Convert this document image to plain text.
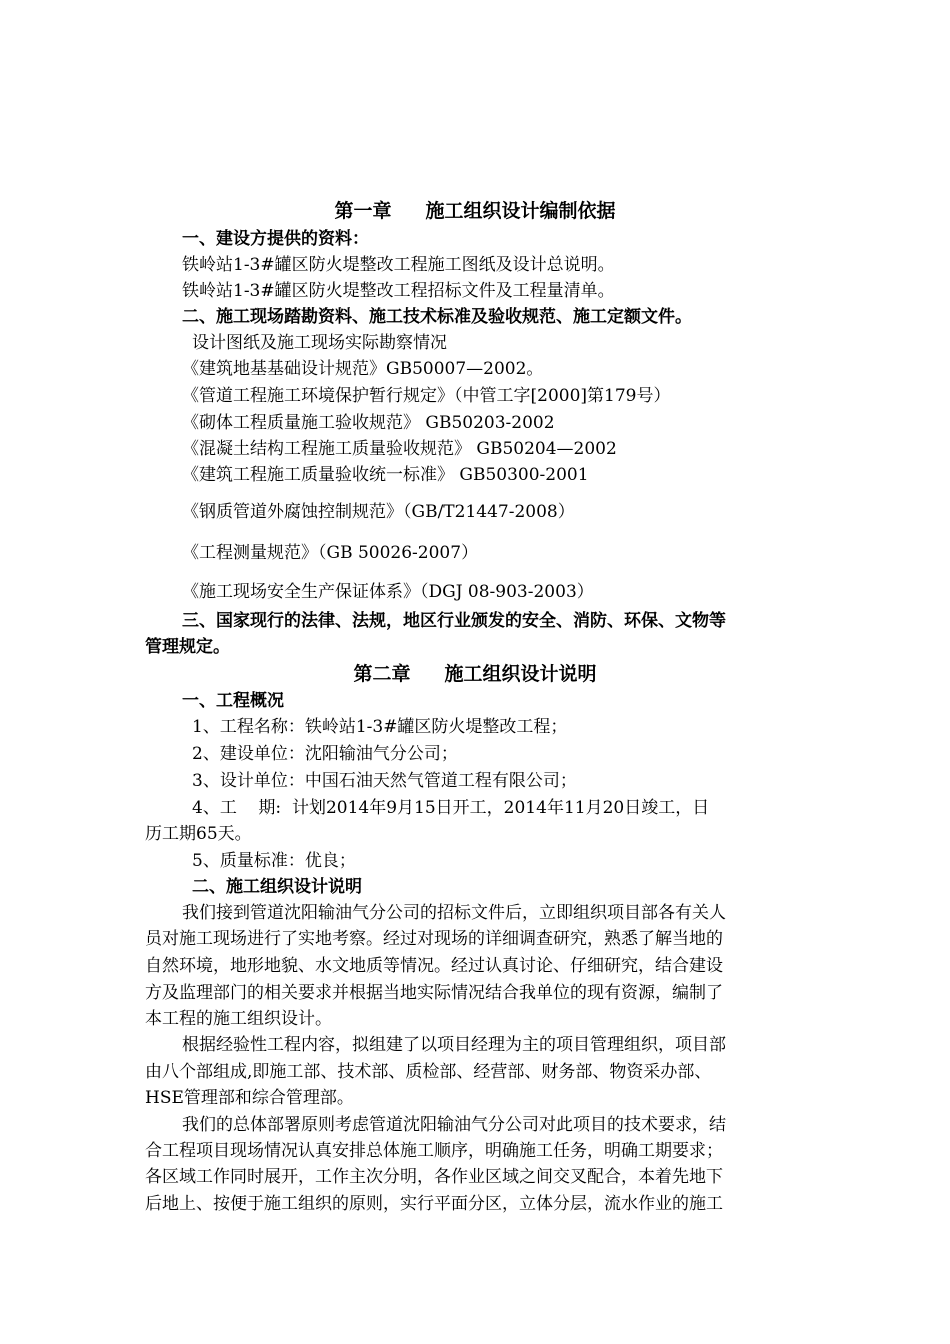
第一章 施工组织设计编制依据
一、建设方提供的资料：
铁岭站1-3#罐区防火堤整改工程施工图纸及设计总说明。
铁岭站1-3#罐区防火堤整改工程招标文件及工程量清单。
二、施工现场踏勘资料、施工技术标准及验收规范、施工定额文件。
设计图纸及施工现场实际勘察情况
《建筑地基基础设计规范》GB50007—2002。
《管道工程施工环境保护暂行规定》（中管工字[2000]第179号）
《砌体工程质量施工验收规范》 GB50203-2002
《混凝土结构工程施工质量验收规范》 GB50204—2002
《建筑工程施工质量验收统一标准》 GB50300-2001
《钢质管道外腐蚀控制规范》（GB/T21447-2008）
《工程测量规范》（GB 50026-2007）
《施工现场安全生产保证体系》（DGJ 08-903-2003）
三、国家现行的法律、法规，地区行业颁发的安全、消防、环保、文物等
管理规定。
第二章 施工组织设计说明
一、工程概况
1、工程名称：铁岭站1-3#罐区防火堤整改工程；
2、建设单位：沈阳输油气分公司；
3、设计单位：中国石油天然气管道工程有限公司；
4、工    期:  计划2014年9月15日开工，2014年11月20日竣工，日
历工期65天。
5、质量标准：优良；
二、施工组织设计说明
我们接到管道沈阳输油气分公司的招标文件后，立即组织项目部各有关人
员对施工现场进行了实地考察。经过对现场的详细调查研究，熟悉了解当地的
自然环境，地形地貌、水文地质等情况。经过认真讨论、仔细研究，结合建设
方及监理部门的相关要求并根据当地实际情况结合我单位的现有资源，编制了
本工程的施工组织设计。
根据经验性工程内容，拟组建了以项目经理为主的项目管理组织，项目部
由八个部组成,即施工部、技术部、质检部、经营部、财务部、物资采办部、
HSE管理部和综合管理部。
我们的总体部署原则考虑管道沈阳输油气分公司对此项目的技术要求，结
合工程项目现场情况认真安排总体施工顺序，明确施工任务，明确工期要求；
各区域工作同时展开，工作主次分明，各作业区域之间交叉配合，本着先地下
后地上、按便于施工组织的原则，实行平面分区，立体分层，流水作业的施工
